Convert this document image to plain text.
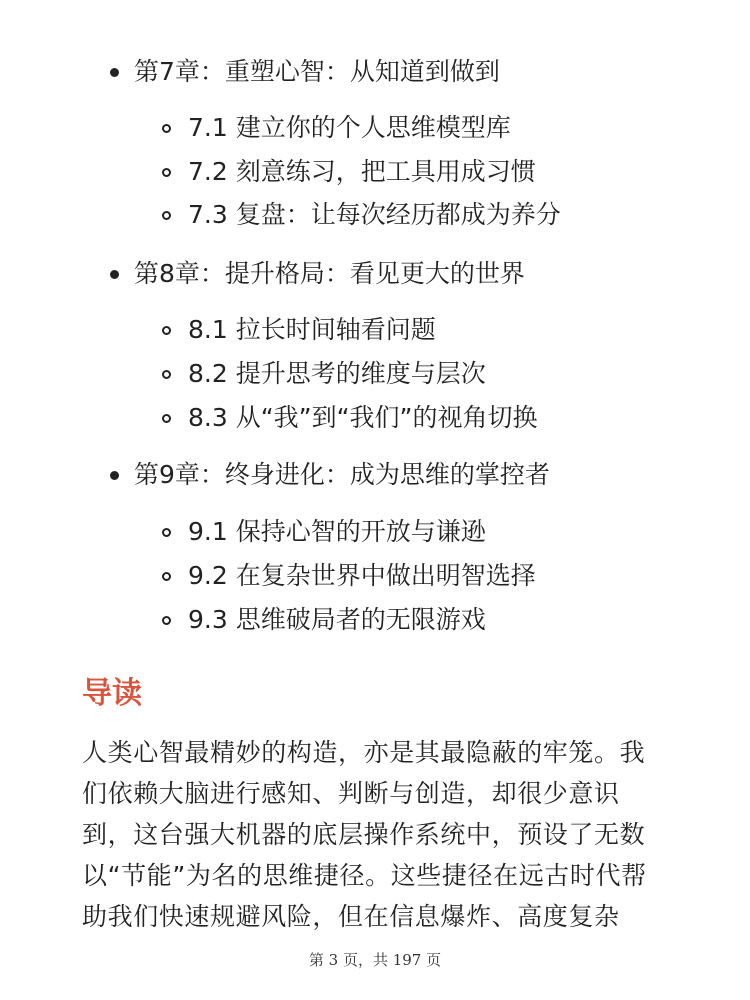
第7章：重塑心智：从知道到做到
7.1 建立你的个人思维模型库
7.2 刻意练习，把工具用成习惯
7.3 复盘：让每次经历都成为养分
第8章：提升格局：看见更大的世界
8.1 拉长时间轴看问题
8.2 提升思考的维度与层次
8.3 从“我”到“我们”的视角切换
第9章：终身进化：成为思维的掌控者
9.1 保持心智的开放与谦逊
9.2 在复杂世界中做出明智选择
9.3 思维破局者的无限游戏
导读
人类心智最精妙的构造，亦是其最隐蔽的牢笼。我们依赖大脑进行感知、判断与创造，却很少意识到，这台强大机器的底层操作系统中，预设了无数以“节能”为名的思维捷径。这些捷径在远古时代帮助我们快速规避风险，但在信息爆炸、高度复杂
第 3 页，共 197 页
